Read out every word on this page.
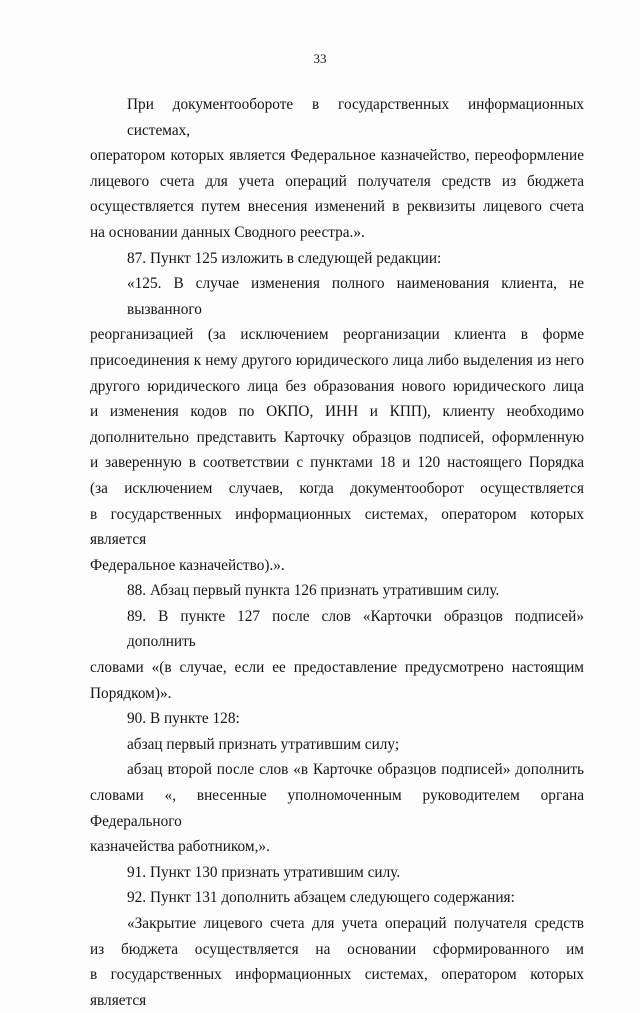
33
При документообороте в государственных информационных системах,
оператором которых является Федеральное казначейство, переоформление
лицевого счета для учета операций получателя средств из бюджета
осуществляется путем внесения изменений в реквизиты лицевого счета
на основании данных Сводного реестра.».
87. Пункт 125 изложить в следующей редакции:
«125. В случае изменения полного наименования клиента, не вызванного
реорганизацией (за исключением реорганизации клиента в форме
присоединения к нему другого юридического лица либо выделения из него
другого юридического лица без образования нового юридического лица
и изменения кодов по ОКПО, ИНН и КПП), клиенту необходимо
дополнительно представить Карточку образцов подписей, оформленную
и заверенную в соответствии с пунктами 18 и 120 настоящего Порядка
(за исключением случаев, когда документооборот осуществляется
в государственных информационных системах, оператором которых является
Федеральное казначейство).».
88. Абзац первый пункта 126 признать утратившим силу.
89. В пункте 127 после слов «Карточки образцов подписей» дополнить
словами «(в случае, если ее предоставление предусмотрено настоящим
Порядком)».
90. В пункте 128:
абзац первый признать утратившим силу;
абзац второй после слов «в Карточке образцов подписей» дополнить
словами «, внесенные уполномоченным руководителем органа Федерального
казначейства работником,».
91. Пункт 130 признать утратившим силу.
92. Пункт 131 дополнить абзацем следующего содержания:
«Закрытие лицевого счета для учета операций получателя средств
из бюджета осуществляется на основании сформированного им
в государственных информационных системах, оператором которых является
